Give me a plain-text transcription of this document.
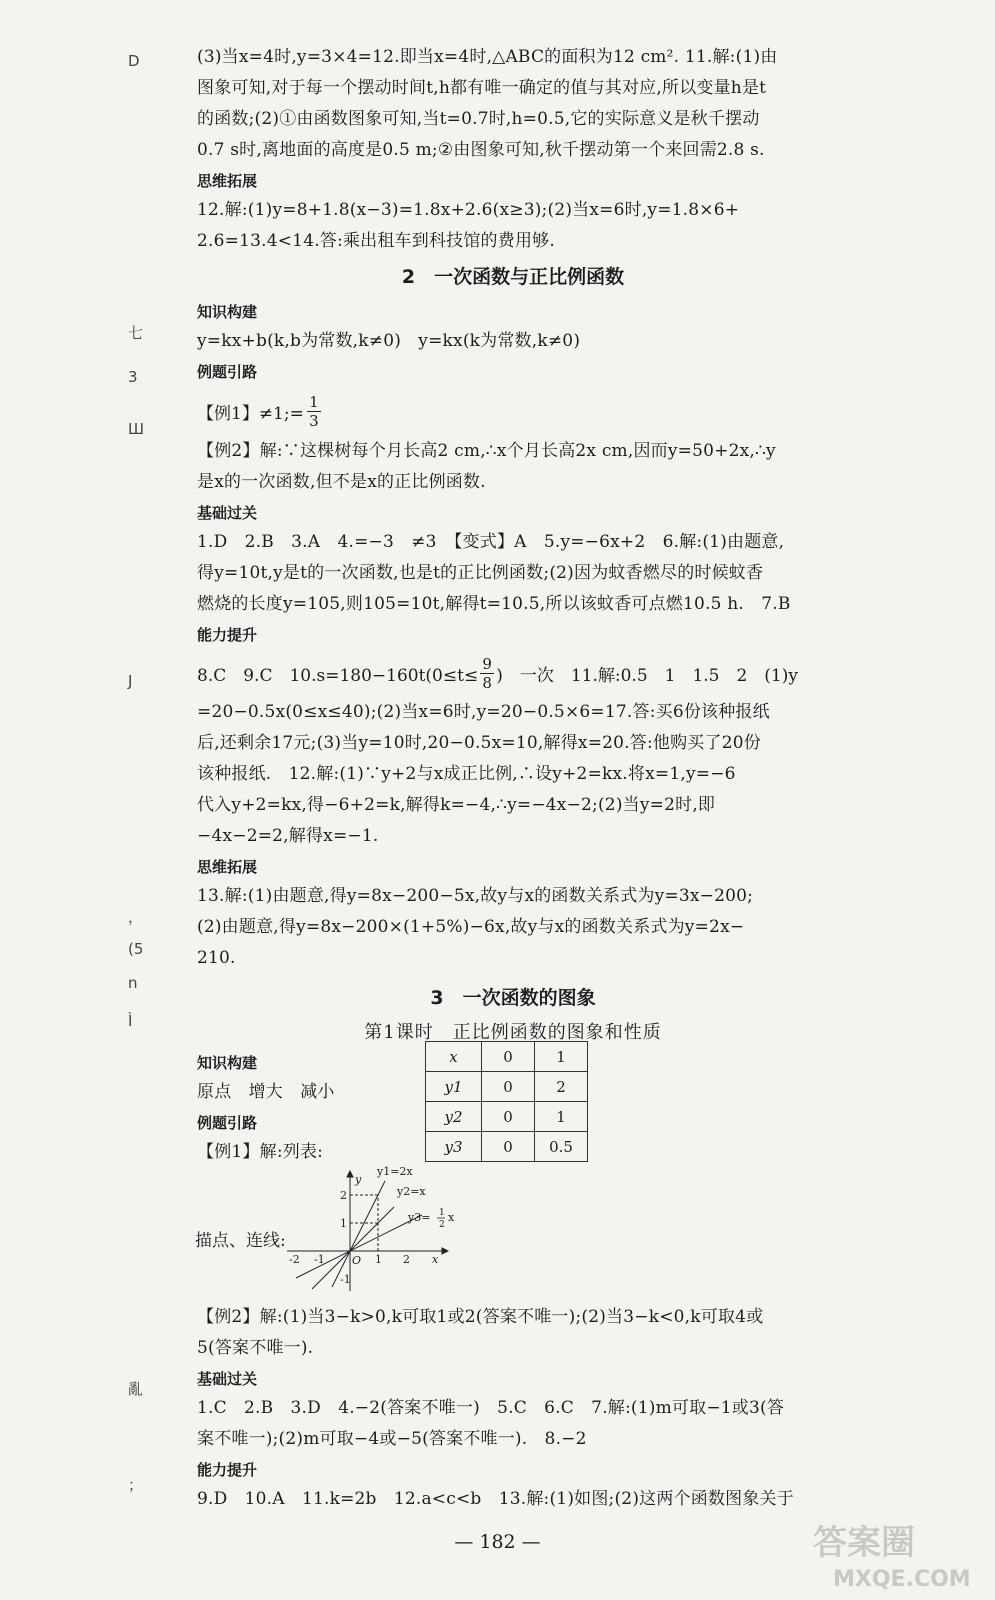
D
七
3
Ш
J
，
(5
n
Ì
亂
；

(3)当x=4时,y=3×4=12.即当x=4时,△ABC的面积为12 cm². 11.解:(1)由

图象可知,对于每一个摆动时间t,h都有唯一确定的值与其对应,所以变量h是t

的函数;(2)①由函数图象可知,当t=0.7时,h=0.5,它的实际意义是秋千摆动

0.7 s时,离地面的高度是0.5 m;②由图象可知,秋千摆动第一个来回需2.8 s.

思维拓展

12.解:(1)y=8+1.8(x−3)=1.8x+2.6(x≥3);(2)当x=6时,y=1.8×6+

2.6=13.4<14.答:乘出租车到科技馆的费用够.

2　一次函数与正比例函数
知识构建

y=kx+b(k,b为常数,k≠0)　y=kx(k为常数,k≠0)

例题引路
【例1】≠1;= $\frac{1}{3}$

【例2】解:∵这棵树每个月长高2 cm,∴x个月长高2x cm,因而y=50+2x,∴y

是x的一次函数,但不是x的正比例函数.

基础过关

1.D　2.B　3.A　4.=−3　≠3　【变式】A　5.y=−6x+2　6.解:(1)由题意,

得y=10t,y是t的一次函数,也是t的正比例函数;(2)因为蚊香燃尽的时候蚊香

燃烧的长度y=105,则105=10t,解得t=10.5,所以该蚊香可点燃10.5 h.　7.B

能力提升
8.C　9.C　$10.s=180-160t(0\le t\le \frac{9}{8}$ )　一次　11.解:0.5　1　1.5　2　(1)y

=20−0.5x(0≤x≤40);(2)当x=6时,y=20−0.5×6=17.答:买6份该种报纸

后,还剩余17元;(3)当y=10时,20−0.5x=10,解得x=20.答:他购买了20份

该种报纸.　12.解:(1)∵y+2与x成正比例,∴设y+2=kx.将x=1,y=−6

代入y+2=kx,得−6+2=k,解得k=−4,∴y=−4x−2;(2)当y=2时,即

−4x−2=2,解得x=−1.

思维拓展

13.解:(1)由题意,得y=8x−200−5x,故y与x的函数关系式为y=3x−200;

(2)由题意,得y=8x−200×(1+5%)−6x,故y与x的函数关系式为y=2x−

210.

3　一次函数的图象
第1课时　正比例函数的图象和性质
知识构建

原点　增大　减小

例题引路

【例1】解:列表:

x	0	1
y1	0	2
y2	0	1
y3	0	0.5
描点、连线:
y1=2x
y2=x
y3= 1
2
x
x
y
O
-2 -1	1 2
2
1
-1

【例2】解:(1)当3−k>0,k可取1或2(答案不唯一);(2)当3−k<0,k可取4或

5(答案不唯一).

基础过关

1.C　2.B　3.D　4.−2(答案不唯一)　5.C　6.C　7.解:(1)m可取−1或3(答

案不唯一);(2)m可取−4或−5(答案不唯一).　8.−2

能力提升

9.D　10.A　11.k=2b　12.a<c<b　13.解:(1)如图;(2)这两个函数图象关于

— 182 —	答案圈
MXQE.COM
